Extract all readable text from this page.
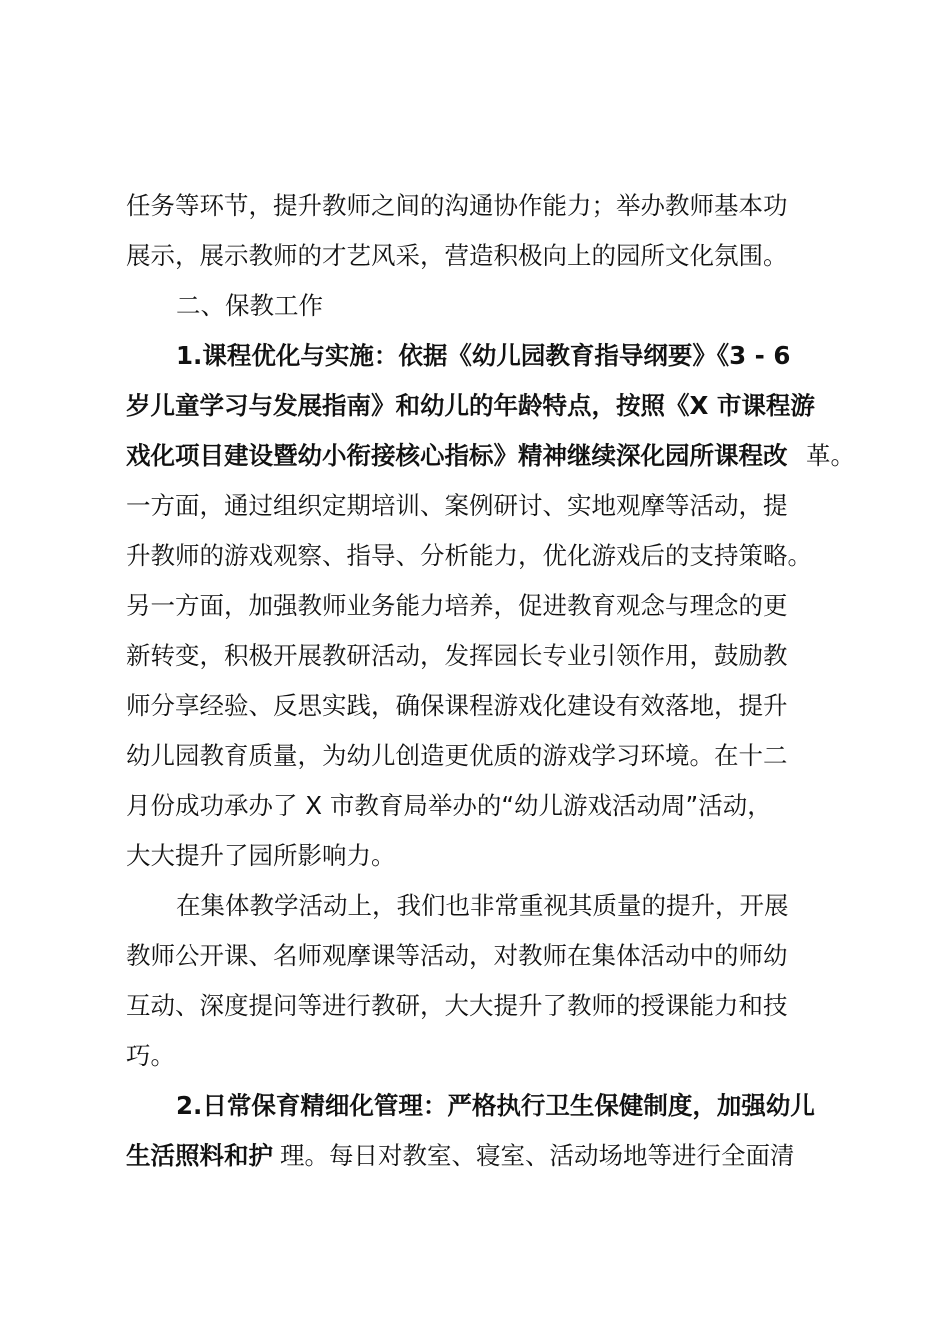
任务等环节，提升教师之间的沟通协作能力；举办教师基本功
展示，展示教师的才艺风采，营造积极向上的园所文化氛围。
二、保教工作
1.课程优化与实施：依据《幼儿园教育指导纲要》《3 - 6
岁儿童学习与发展指南》和幼儿的年龄特点，按照《X 市课程游
戏化项目建设暨幼小衔接核心指标》精神继续深化园所课程改 革。
一方面，通过组织定期培训、案例研讨、实地观摩等活动，提
升教师的游戏观察、指导、分析能力，优化游戏后的支持策略。
另一方面，加强教师业务能力培养，促进教育观念与理念的更
新转变，积极开展教研活动，发挥园长专业引领作用，鼓励教
师分享经验、反思实践，确保课程游戏化建设有效落地，提升
幼儿园教育质量，为幼儿创造更优质的游戏学习环境。在十二
月份成功承办了 X 市教育局举办的“幼儿游戏活动周”活动，
大大提升了园所影响力。
在集体教学活动上，我们也非常重视其质量的提升，开展
教师公开课、名师观摩课等活动，对教师在集体活动中的师幼
互动、深度提问等进行教研，大大提升了教师的授课能力和技
巧。
2.日常保育精细化管理：严格执行卫生保健制度，加强幼儿
生活照料和护 理。每日对教室、寝室、活动场地等进行全面清
